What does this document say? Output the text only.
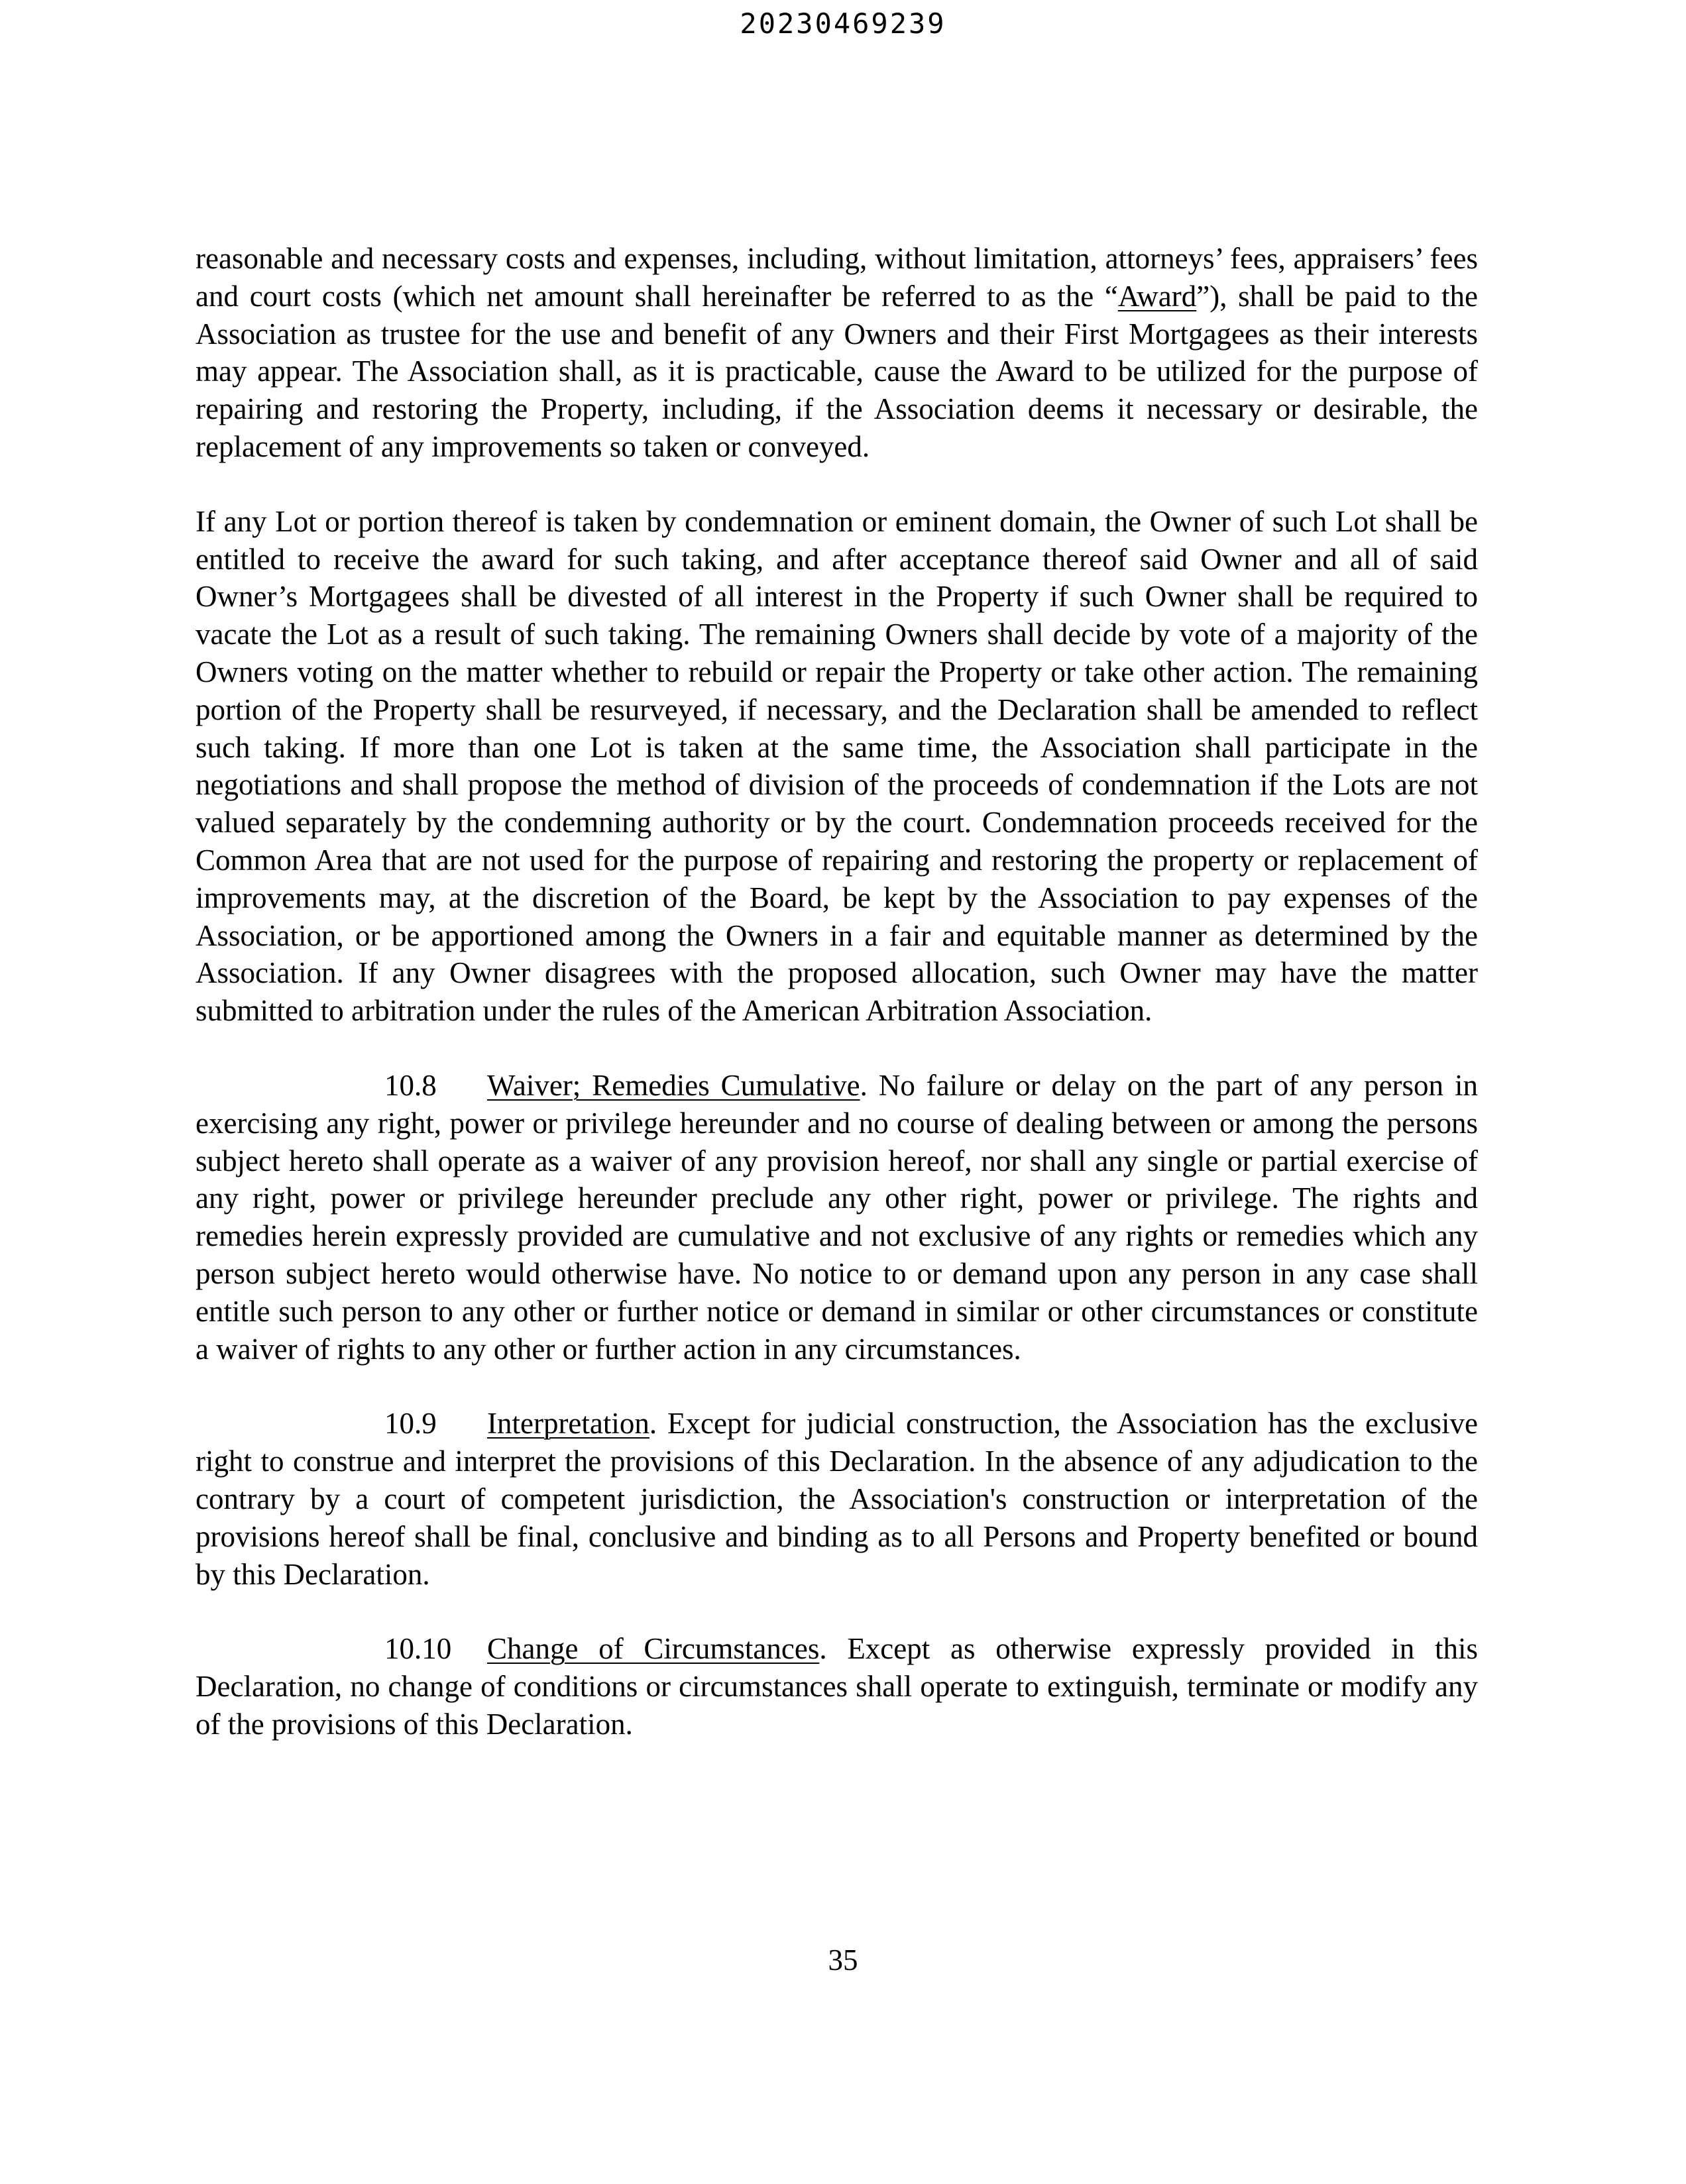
20230469239

reasonable and necessary costs and expenses, including, without limitation, attorneys’ fees, appraisers’ fees and court costs (which net amount shall hereinafter be referred to as the “Award”), shall be paid to the Association as trustee for the use and benefit of any Owners and their First Mortgagees as their interests may appear. The Association shall, as it is practicable, cause the Award to be utilized for the purpose of repairing and restoring the Property, including, if the Association deems it necessary or desirable, the replacement of any improvements so taken or conveyed.

If any Lot or portion thereof is taken by condemnation or eminent domain, the Owner of such Lot shall be entitled to receive the award for such taking, and after acceptance thereof said Owner and all of said Owner’s Mortgagees shall be divested of all interest in the Property if such Owner shall be required to vacate the Lot as a result of such taking. The remaining Owners shall decide by vote of a majority of the Owners voting on the matter whether to rebuild or repair the Property or take other action. The remaining portion of the Property shall be resurveyed, if necessary, and the Declaration shall be amended to reflect such taking. If more than one Lot is taken at the same time, the Association shall participate in the negotiations and shall propose the method of division of the proceeds of condemnation if the Lots are not valued separately by the condemning authority or by the court. Condemnation proceeds received for the Common Area that are not used for the purpose of repairing and restoring the property or replacement of improvements may, at the discretion of the Board, be kept by the Association to pay expenses of the Association, or be apportioned among the Owners in a fair and equitable manner as determined by the Association. If any Owner disagrees with the proposed allocation, such Owner may have the matter submitted to arbitration under the rules of the American Arbitration Association.

10.8 Waiver; Remedies Cumulative. No failure or delay on the part of any person in exercising any right, power or privilege hereunder and no course of dealing between or among the persons subject hereto shall operate as a waiver of any provision hereof, nor shall any single or partial exercise of any right, power or privilege hereunder preclude any other right, power or privilege. The rights and remedies herein expressly provided are cumulative and not exclusive of any rights or remedies which any person subject hereto would otherwise have. No notice to or demand upon any person in any case shall entitle such person to any other or further notice or demand in similar or other circumstances or constitute a waiver of rights to any other or further action in any circumstances.

10.9 Interpretation. Except for judicial construction, the Association has the exclusive right to construe and interpret the provisions of this Declaration. In the absence of any adjudication to the contrary by a court of competent jurisdiction, the Association's construction or interpretation of the provisions hereof shall be final, conclusive and binding as to all Persons and Property benefited or bound by this Declaration.

10.10 Change of Circumstances. Except as otherwise expressly provided in this Declaration, no change of conditions or circumstances shall operate to extinguish, terminate or modify any of the provisions of this Declaration.

35
